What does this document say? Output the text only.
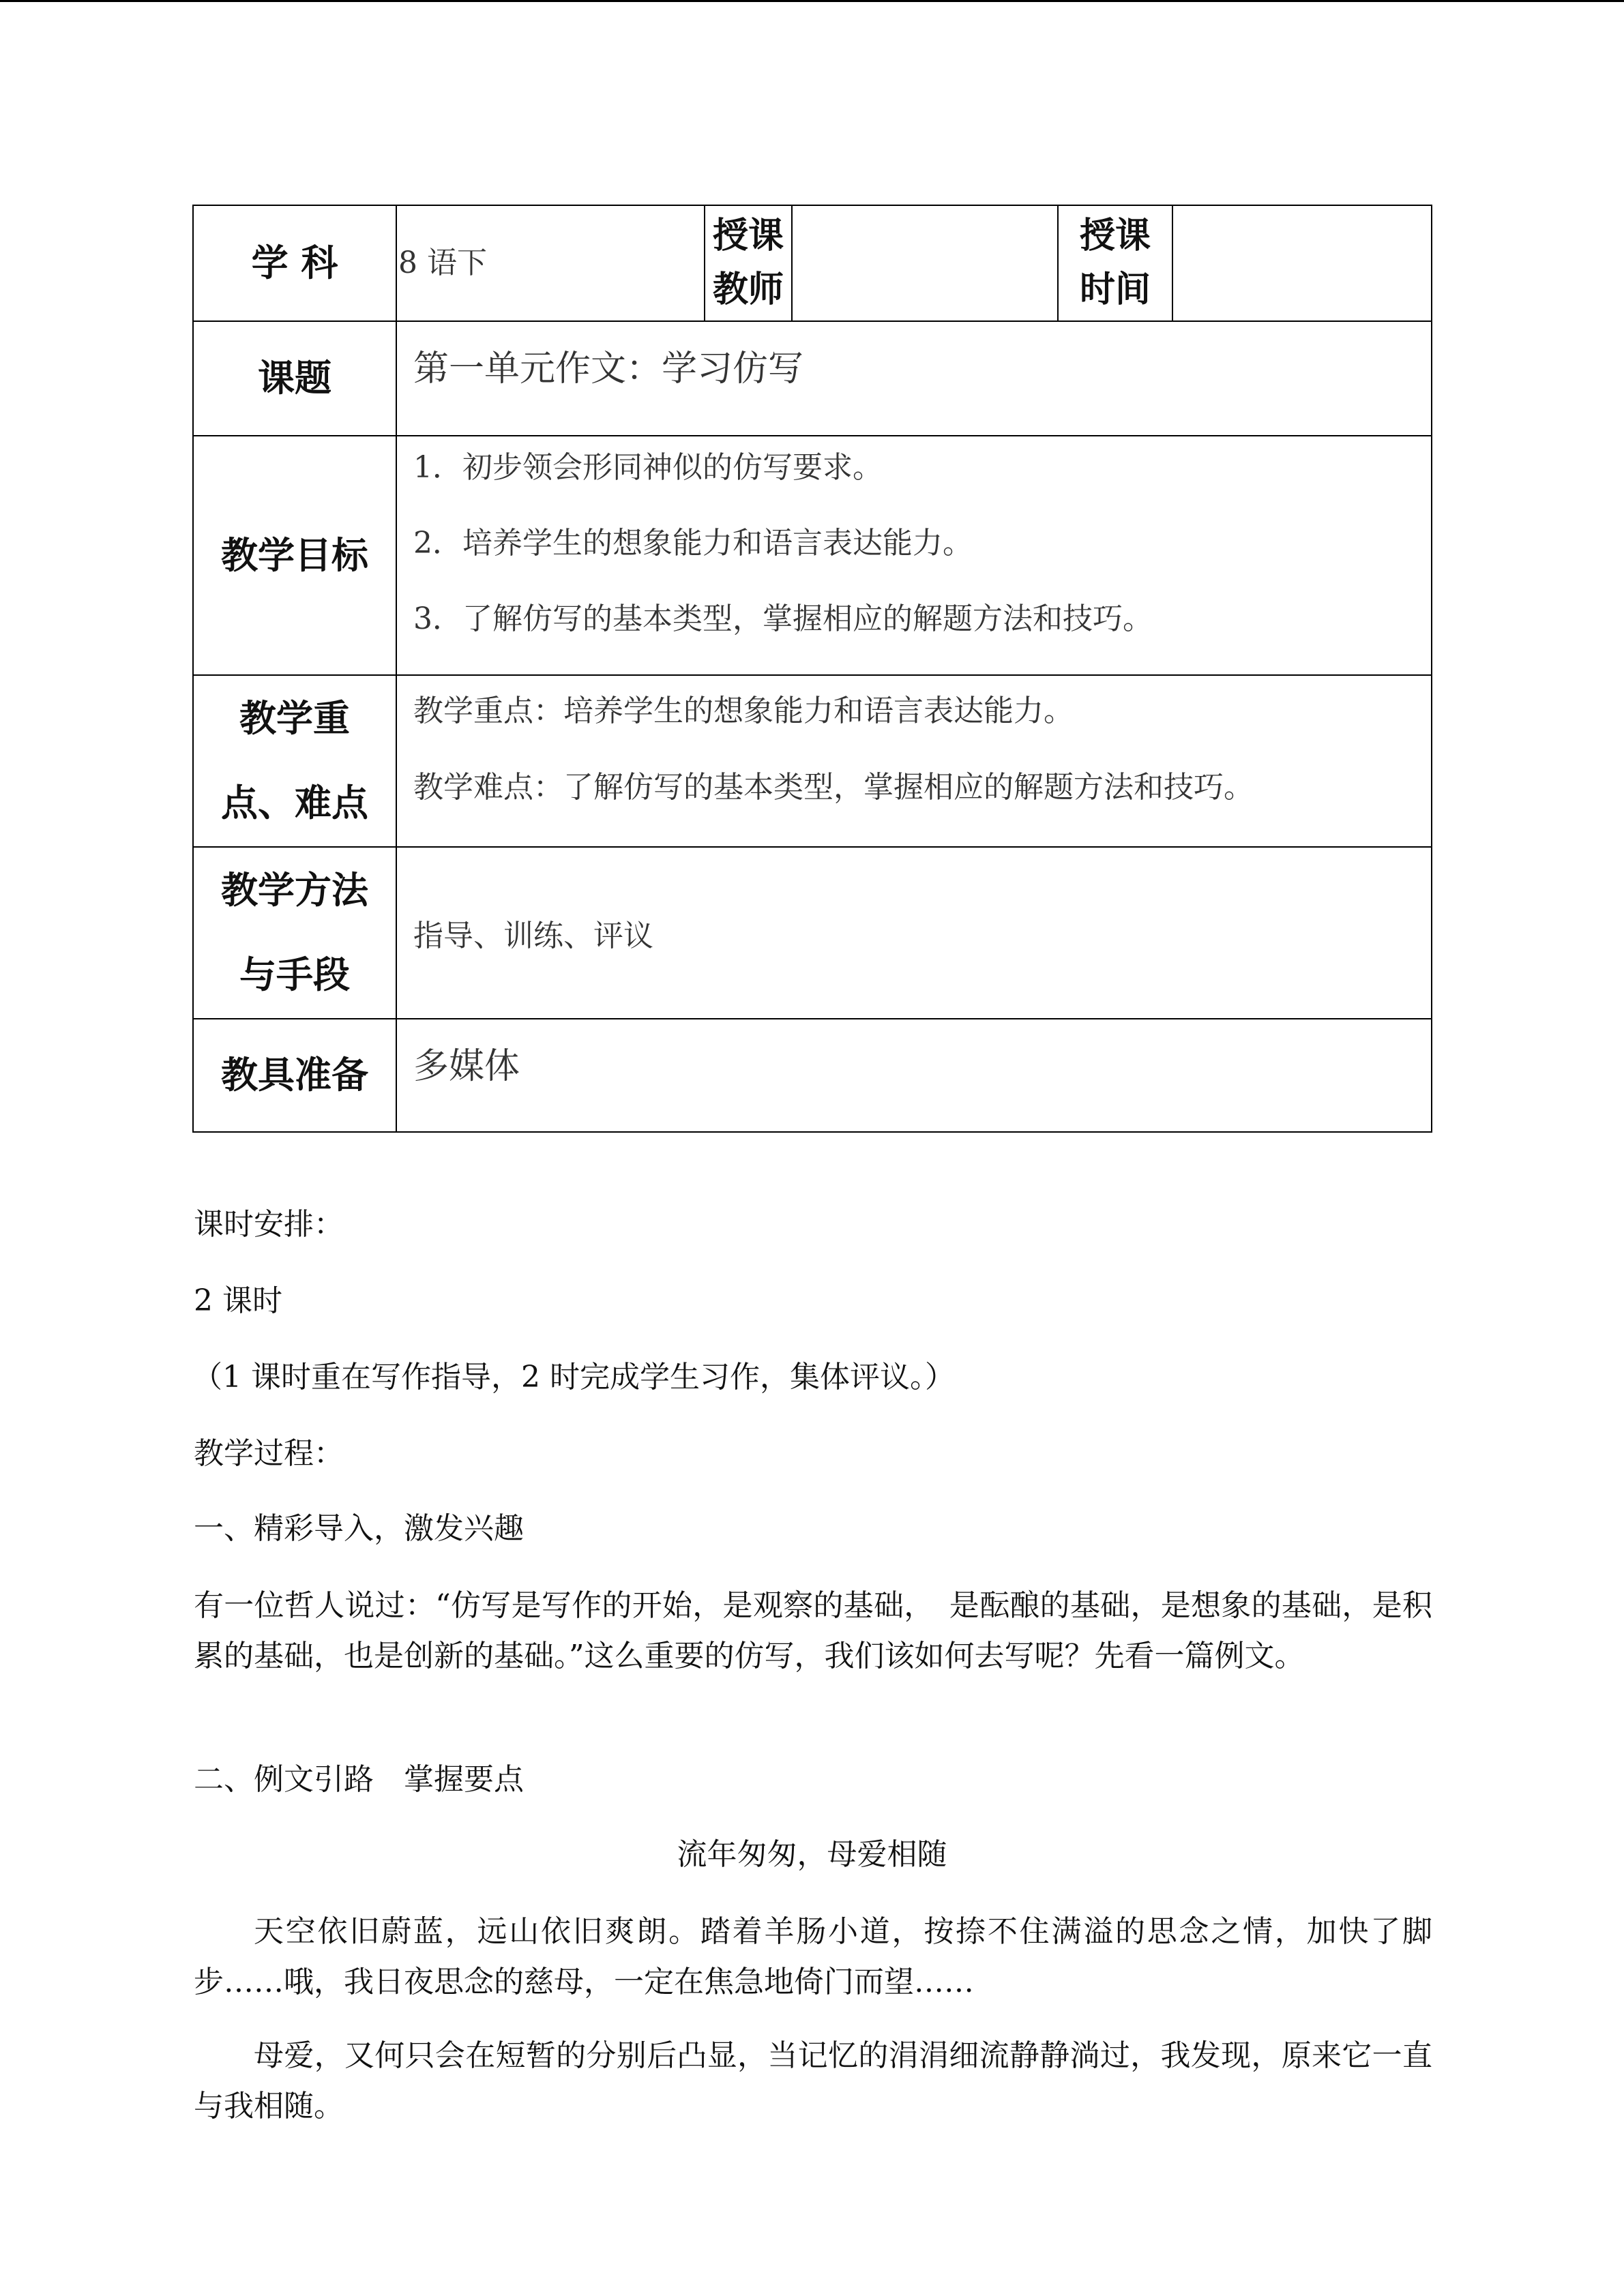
学 科	8 语下	授课教师		授课时间	

课题	第一单元作文：学习仿写				
教学目标	1．初步领会形同神似的仿写要求。
2．培养学生的想象能力和语言表达能力。
3．了解仿写的基本类型，掌握相应的解题方法和技巧。				

教学重点、难点	教学重点：培养学生的想象能力和语言表达能力。
教学难点：了解仿写的基本类型，掌握相应的解题方法和技巧。				

教学方法与手段	指导、训练、评议				
教具准备	多媒体				
课时安排：
2 课时
（1 课时重在写作指导，2 时完成学生习作，集体评议。）
教学过程：
一、精彩导入，激发兴趣
有一位哲人说过：“仿写是写作的开始，是观察的基础，　是酝酿的基础，是想象的基础，是积累的基础，也是创新的基础。”这么重要的仿写，我们该如何去写呢？先看一篇例文。
二、例文引路　掌握要点
流年匆匆，母爱相随
天空依旧蔚蓝，远山依旧爽朗。踏着羊肠小道，按捺不住满溢的思念之情，加快了脚步……哦，我日夜思念的慈母，一定在焦急地倚门而望……
母爱，又何只会在短暂的分别后凸显，当记忆的涓涓细流静静淌过，我发现，原来它一直与我相随。
